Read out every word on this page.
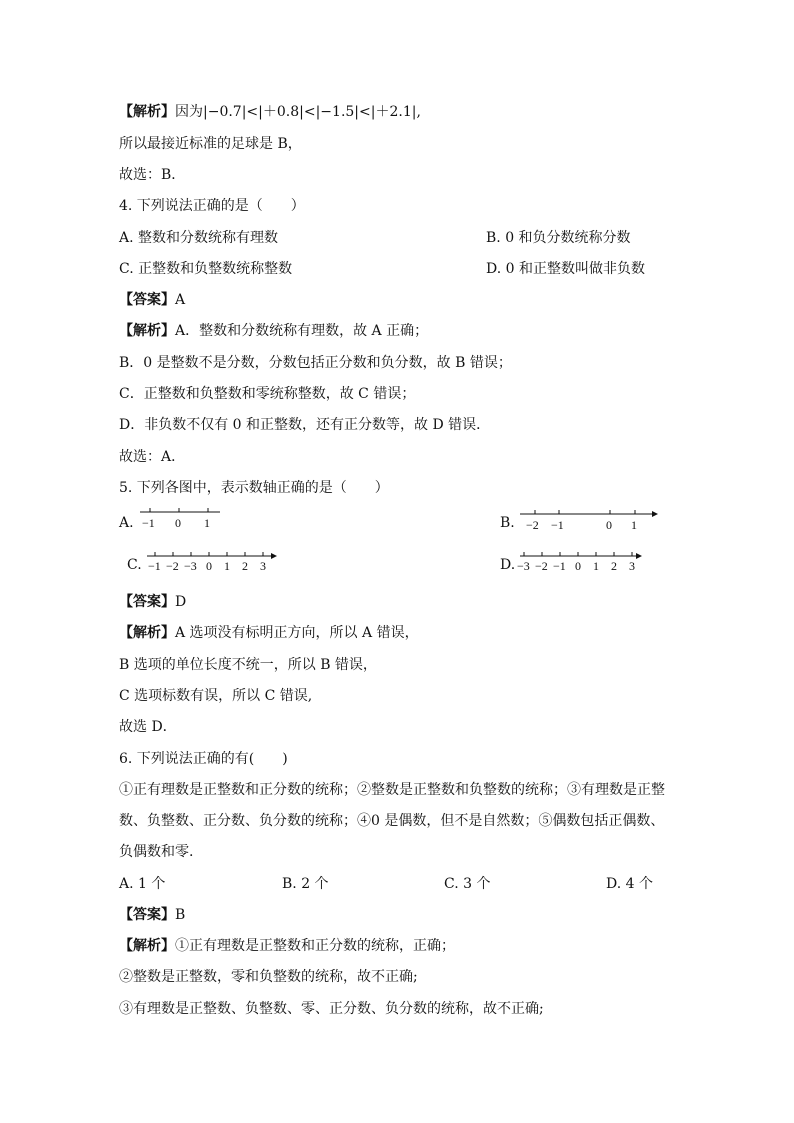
【解析】因为|−0.7|<|＋0.8|<|−1.5|<|＋2.1|,
所以最接近标准的足球是 B，
故选：B．
4. 下列说法正确的是（　　）
A. 整数和分数统称有理数	B. 0 和负分数统称分数
C. 正整数和负整数统称整数	D. 0 和正整数叫做非负数
【答案】A
【解析】A．整数和分数统称有理数，故 A 正确；
B．0 是整数不是分数，分数包括正分数和负分数，故 B 错误；
C．正整数和负整数和零统称整数，故 C 错误；
D．非负数不仅有 0 和正整数，还有正分数等，故 D 错误．
故选：A．
5. 下列各图中，表示数轴正确的是（　　）
A. −1 0 1	B. −2 −1	0 1
C. −1 −2 −3 0 1 2 3	D. −3 −2 −1 0 1 2 3
【答案】D
【解析】A 选项没有标明正方向，所以 A 错误，
B 选项的单位长度不统一，所以 B 错误，
C 选项标数有误，所以 C 错误,
故选 D．
6. 下列说法正确的有(　　)
①正有理数是正整数和正分数的统称；②整数是正整数和负整数的统称；③有理数是正整
数、负整数、正分数、负分数的统称；④0 是偶数，但不是自然数；⑤偶数包括正偶数、
负偶数和零.
A. 1 个	B. 2 个	C. 3 个	D. 4 个
【答案】B
【解析】①正有理数是正整数和正分数的统称，正确；
②整数是正整数，零和负整数的统称，故不正确;
③有理数是正整数、负整数、零、正分数、负分数的统称，故不正确;
